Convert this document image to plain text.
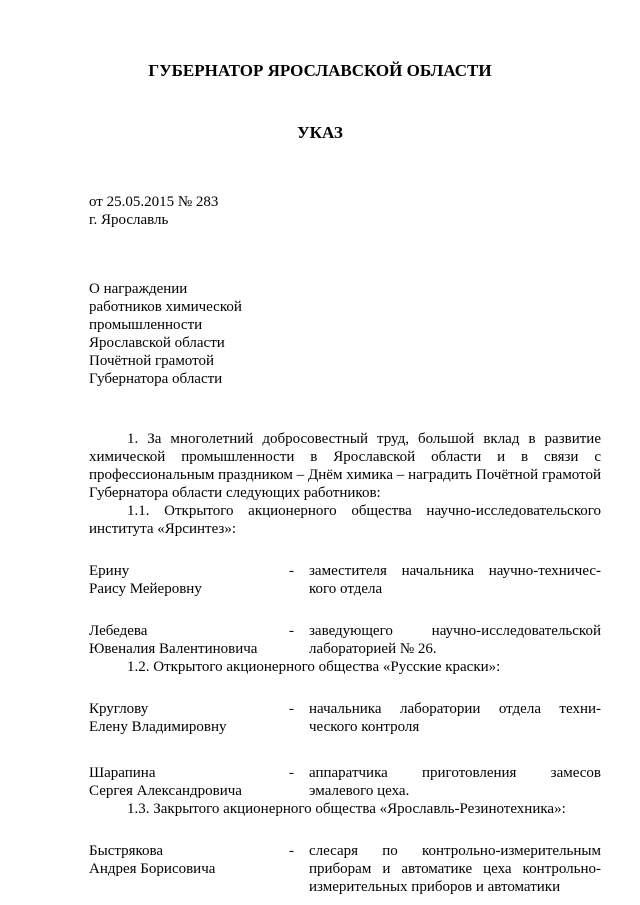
ГУБЕРНАТОР ЯРОСЛАВСКОЙ ОБЛАСТИ
УКАЗ
от 25.05.2015 № 283
г. Ярославль
О награждении
работников химической
промышленности
Ярославской области
Почётной грамотой
Губернатора области

1. За многолетний добросовестный труд, большой вклад в развитие химической промышленности в Ярославской области и в связи с профессиональным праздником – Днём химика – наградить Почётной грамотой Губернатора области следующих работников:

1.1. Открытого акционерного общества научно-исследовательского института «Ярсинтез»:

Ерину
Раису Мейеровну
-	заместителя начальника научно-техничес-кого отдела
Лебедева
Ювеналия Валентиновича
-	заведующего научно-исследовательской лабораторией № 26.

1.2. Открытого акционерного общества «Русские краски»:

Круглову
Елену Владимировну
-	начальника лаборатории отдела техни-ческого контроля
Шарапина
Сергея Александровича
-	аппаратчика приготовления замесов эмалевого цеха.

1.3. Закрытого акционерного общества «Ярославль-Резинотехника»:

Быстрякова
Андрея Борисовича
-	слесаря по контрольно-измерительным приборам и автоматике цеха контрольно-измерительных приборов и автоматики
